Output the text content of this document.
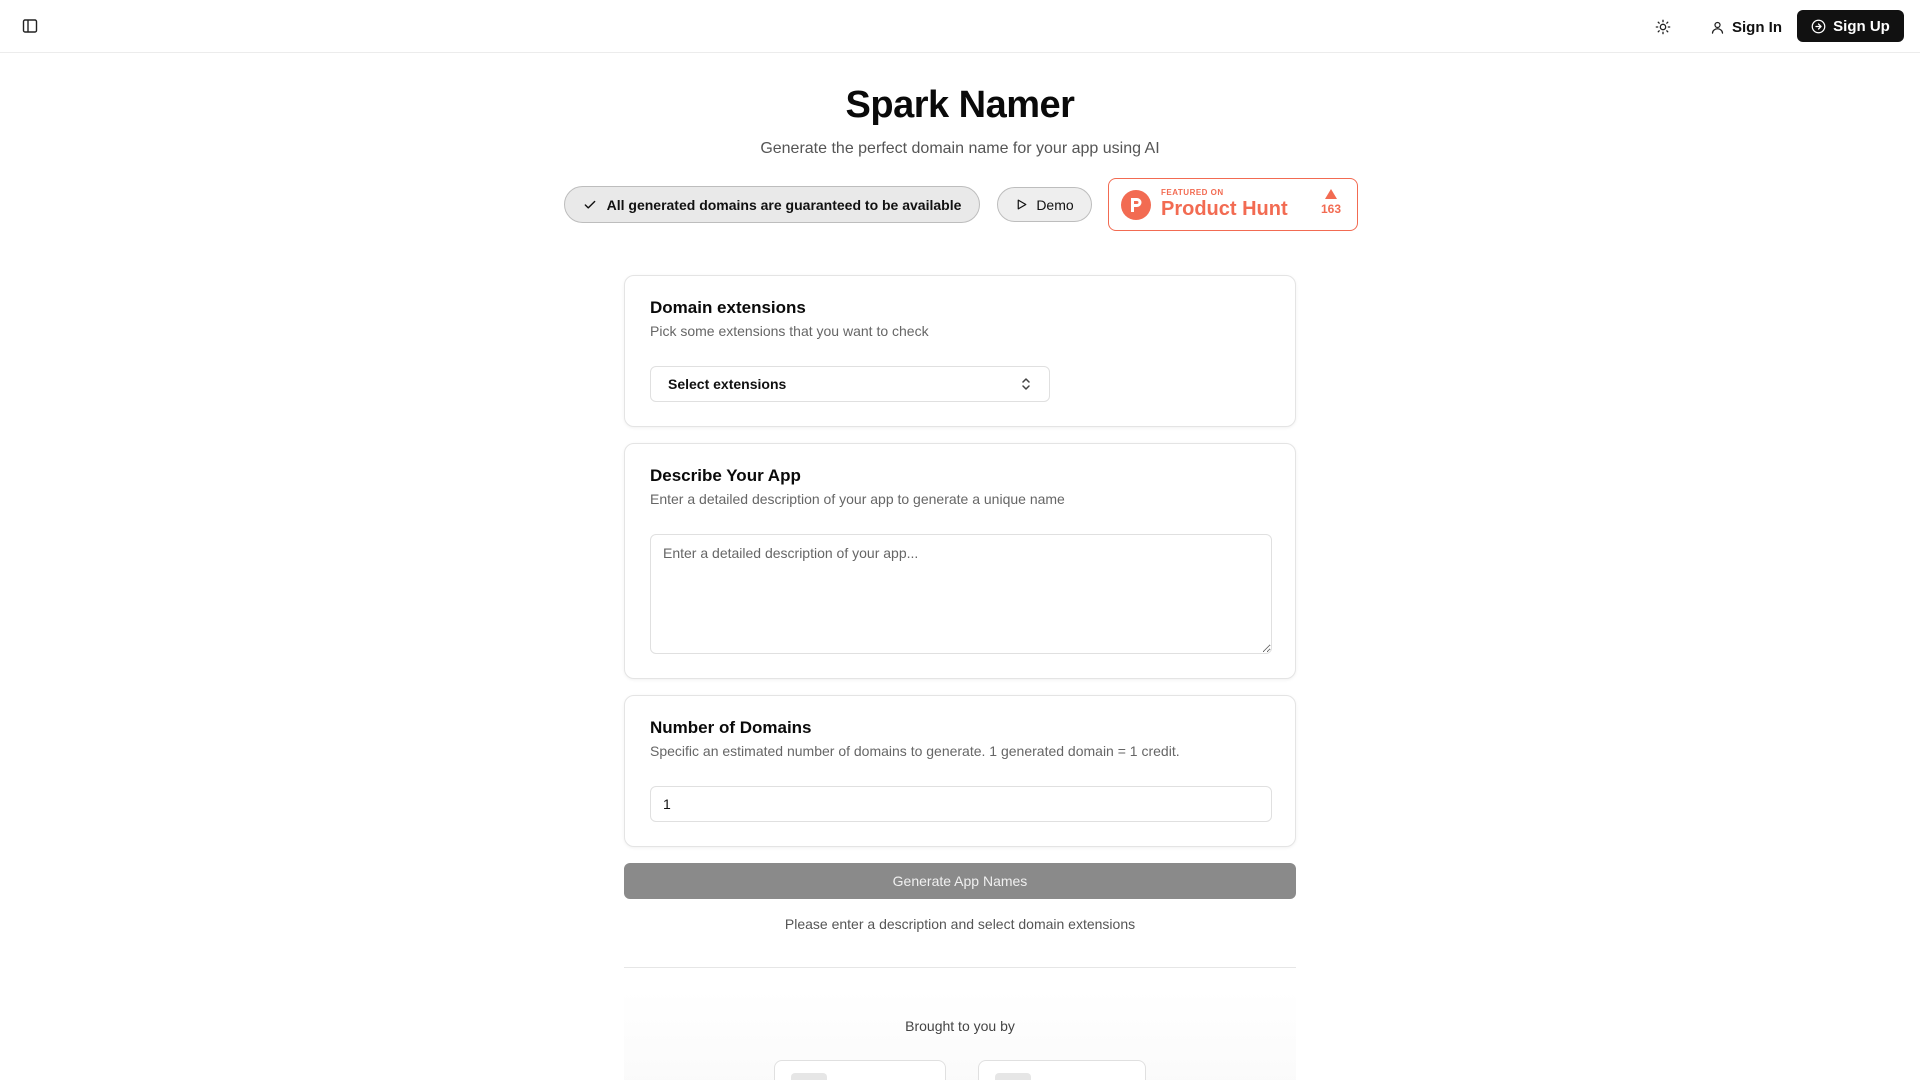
Sign In	Sign Up
Spark Namer
Generate the perfect domain name for your app using AI
All generated domains are guaranteed to be available	Demo
FEATURED ON
Product Hunt	163
Domain extensions
Pick some extensions that you want to check
Select extensions
Describe Your App
Enter a detailed description of your app to generate a unique name
Enter a detailed description of your app...
Number of Domains
Specific an estimated number of domains to generate. 1 generated domain = 1 credit.
1
Generate App Names
Please enter a description and select domain extensions
Brought to you by
